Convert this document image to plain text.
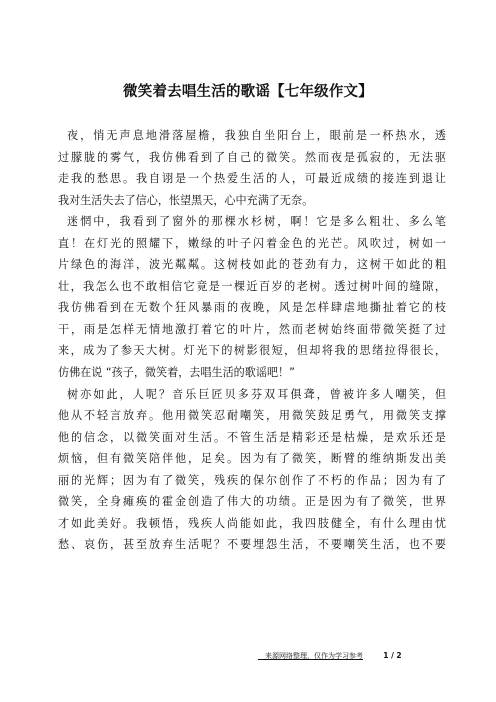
微笑着去唱生活的歌谣【七年级作文】
夜，悄无声息地滑落屋檐，我独自坐阳台上，眼前是一杯热水，透
过朦胧的雾气，我仿佛看到了自己的微笑。然而夜是孤寂的，无法驱
走我的愁思。我自诩是一个热爱生活的人，可最近成绩的接连到退让
我对生活失去了信心，怅望黑天，心中充满了无奈。
迷惘中，我看到了窗外的那棵水杉树，啊！它是多么粗壮、多么笔
直！在灯光的照耀下，嫩绿的叶子闪着金色的光芒。风吹过，树如一
片绿色的海洋，波光粼粼。这树枝如此的苍劲有力，这树干如此的粗
壮，我怎么也不敢相信它竟是一棵近百岁的老树。透过树叶间的缝隙，
我仿佛看到在无数个狂风暴雨的夜晚，风是怎样肆虐地撕扯着它的枝
干，雨是怎样无情地激打着它的叶片，然而老树始终面带微笑挺了过
来，成为了参天大树。灯光下的树影很短，但却将我的思绪拉得很长，
仿佛在说 “孩子，微笑着，去唱生活的歌谣吧！”
树亦如此，人呢？音乐巨匠贝多芬双耳俱聋，曾被许多人嘲笑，但
他从不轻言放弃。他用微笑忍耐嘲笑，用微笑鼓足勇气，用微笑支撑
他的信念，以微笑面对生活。不管生活是精彩还是枯燥，是欢乐还是
烦恼，但有微笑陪伴他，足矣。因为有了微笑，断臂的维纳斯发出美
丽的光辉；因为有了微笑，残疾的保尔创作了不朽的作品；因为有了
微笑，全身瘫痪的霍金创造了伟大的功绩。正是因为有了微笑，世界
才如此美好。我顿悟，残疾人尚能如此，我四肢健全，有什么理由忧
愁、哀伤，甚至放弃生活呢？不要埋怨生活，不要嘲笑生活，也不要
__来源网络整理，仅作为学习参考	1 / 2
